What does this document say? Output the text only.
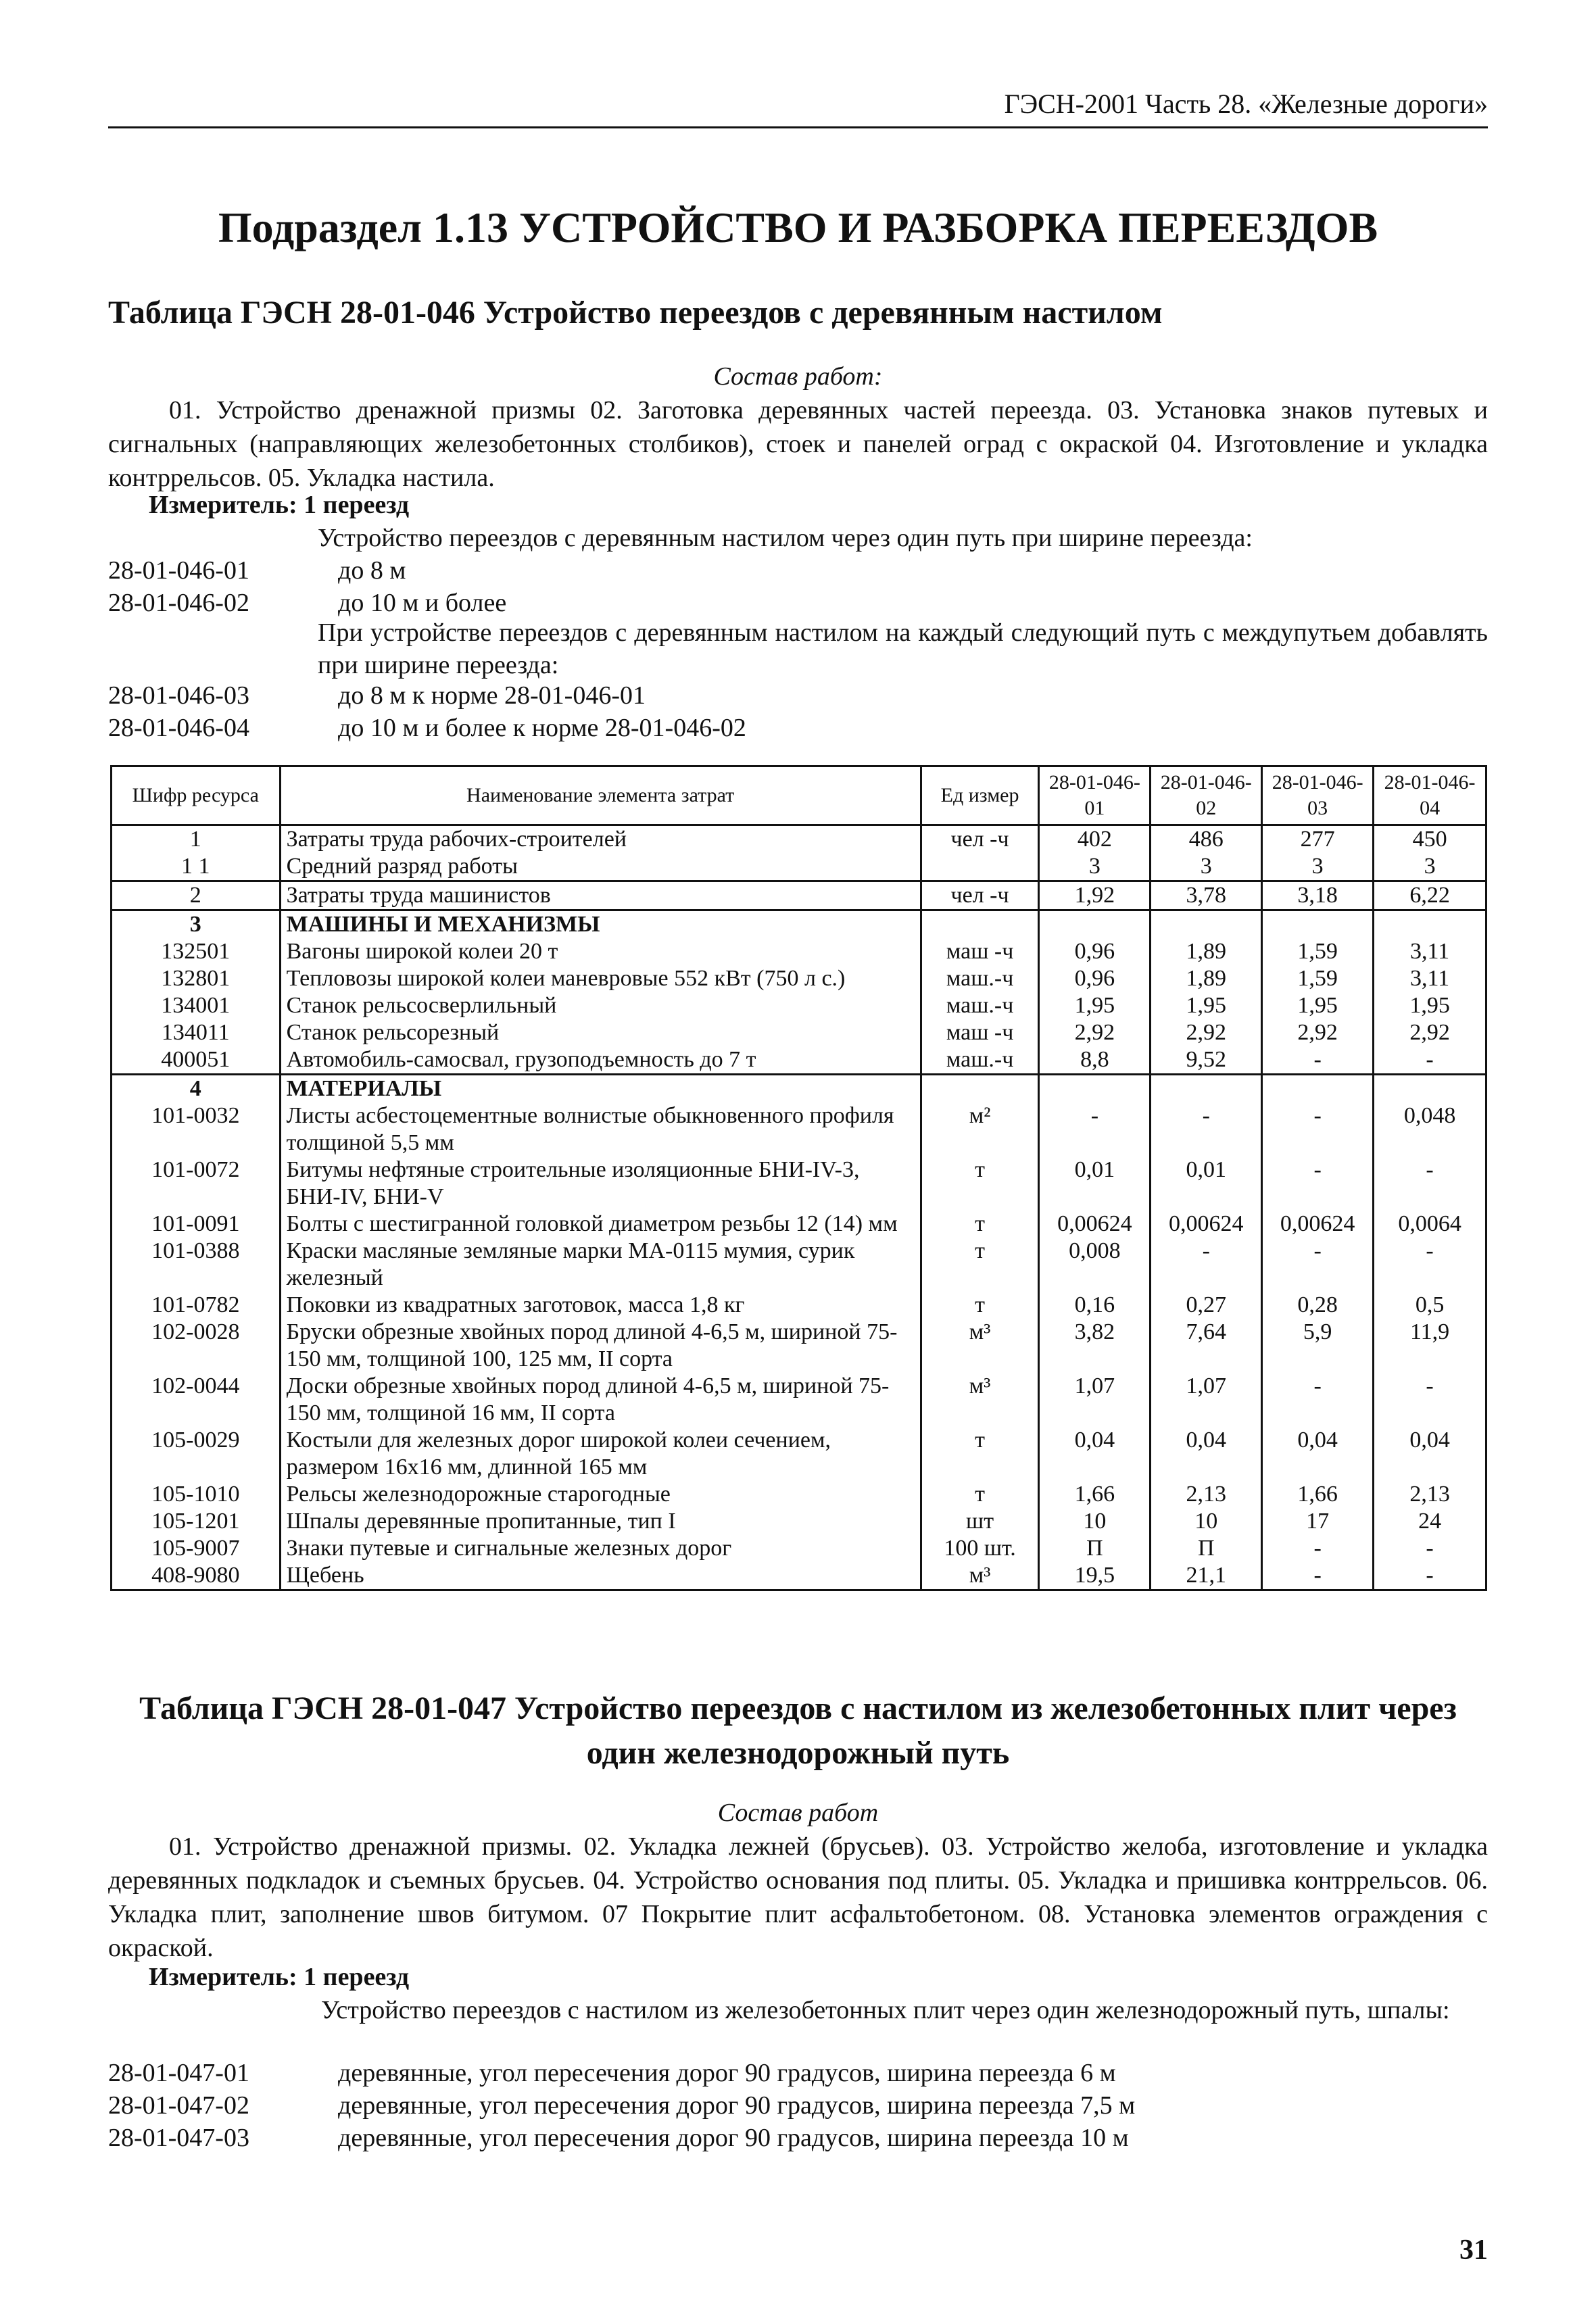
ГЭСН-2001 Часть 28. «Железные дороги»
Подраздел 1.13 УСТРОЙСТВО И РАЗБОРКА ПЕРЕЕЗДОВ
Таблица ГЭСН 28-01-046 Устройство переездов с деревянным настилом
Состав работ:
01. Устройство дренажной призмы 02. Заготовка деревянных частей переезда. 03. Установка знаков путевых и сигнальных (направляющих железобетонных столбиков), стоек и панелей оград с окраской 04. Изготовление и укладка контррельсов. 05. Укладка настила.
Измеритель: 1 переезд
Устройство переездов с деревянным настилом через один путь при ширине переезда:
28-01-046-01	до 8 м
28-01-046-02	до 10 м и более
При устройстве переездов с деревянным настилом на каждый следующий путь с междупутьем добавлять при ширине переезда:
28-01-046-03	до 8 м к норме 28-01-046-01
28-01-046-04	до 10 м и более к норме 28-01-046-02
Шифр ресурса	Наименование элемента затрат	Ед измер	28-01-046-01	28-01-046-02	28-01-046-03	28-01-046-04
1	Затраты труда рабочих-строителей	чел -ч	402	486	277	450
1 1	Средний разряд работы		3	3	3	3
2	Затраты труда машинистов	чел -ч	1,92	3,78	3,18	6,22
3	МАШИНЫ И МЕХАНИЗМЫ					
132501	Вагоны широкой колеи 20 т	маш -ч	0,96	1,89	1,59	3,11
132801	Тепловозы широкой колеи маневровые 552 кВт (750 л с.)	маш.-ч	0,96	1,89	1,59	3,11
134001	Станок рельсосверлильный	маш.-ч	1,95	1,95	1,95	1,95
134011	Станок рельсорезный	маш -ч	2,92	2,92	2,92	2,92
400051	Автомобиль-самосвал, грузоподъемность до 7 т	маш.-ч	8,8	9,52	-	-
4	МАТЕРИАЛЫ					
101-0032	Листы асбестоцементные волнистые обыкновенного профиля толщиной 5,5 мм	м²	-	-	-	0,048
101-0072	Битумы нефтяные строительные изоляционные БНИ-IV-3, БНИ-IV, БНИ-V	т	0,01	0,01	-	-
101-0091	Болты с шестигранной головкой диаметром резьбы 12 (14) мм	т	0,00624	0,00624	0,00624	0,0064
101-0388	Краски масляные земляные марки МА-0115 мумия, сурик железный	т	0,008	-	-	-
101-0782	Поковки из квадратных заготовок, масса 1,8 кг	т	0,16	0,27	0,28	0,5
102-0028	Бруски обрезные хвойных пород длиной 4-6,5 м, шириной 75-150 мм, толщиной 100, 125 мм, II сорта	м³	3,82	7,64	5,9	11,9
102-0044	Доски обрезные хвойных пород длиной 4-6,5 м, шириной 75-150 мм, толщиной 16 мм, II сорта	м³	1,07	1,07	-	-
105-0029	Костыли для железных дорог широкой колеи сечением, размером 16х16 мм, длинной 165 мм	т	0,04	0,04	0,04	0,04
105-1010	Рельсы железнодорожные старогодные	т	1,66	2,13	1,66	2,13
105-1201	Шпалы деревянные пропитанные, тип I	шт	10	10	17	24
105-9007	Знаки путевые и сигнальные железных дорог	100 шт.	П	П	-	-
408-9080	Щебень	м³	19,5	21,1	-	-
Таблица ГЭСН 28-01-047 Устройство переездов с настилом из железобетонных плит через один железнодорожный путь
Состав работ
01. Устройство дренажной призмы. 02. Укладка лежней (брусьев). 03. Устройство желоба, изготовление и укладка деревянных подкладок и съемных брусьев. 04. Устройство основания под плиты. 05. Укладка и пришивка контррельсов. 06. Укладка плит, заполнение швов битумом. 07 Покрытие плит асфальтобетоном. 08. Установка элементов ограждения с окраской.
Измеритель: 1 переезд
Устройство переездов с настилом из железобетонных плит через один железнодорожный путь, шпалы:
28-01-047-01	деревянные, угол пересечения дорог 90 градусов, ширина переезда 6 м
28-01-047-02	деревянные, угол пересечения дорог 90 градусов, ширина переезда 7,5 м
28-01-047-03	деревянные, угол пересечения дорог 90 градусов, ширина переезда 10 м
31
